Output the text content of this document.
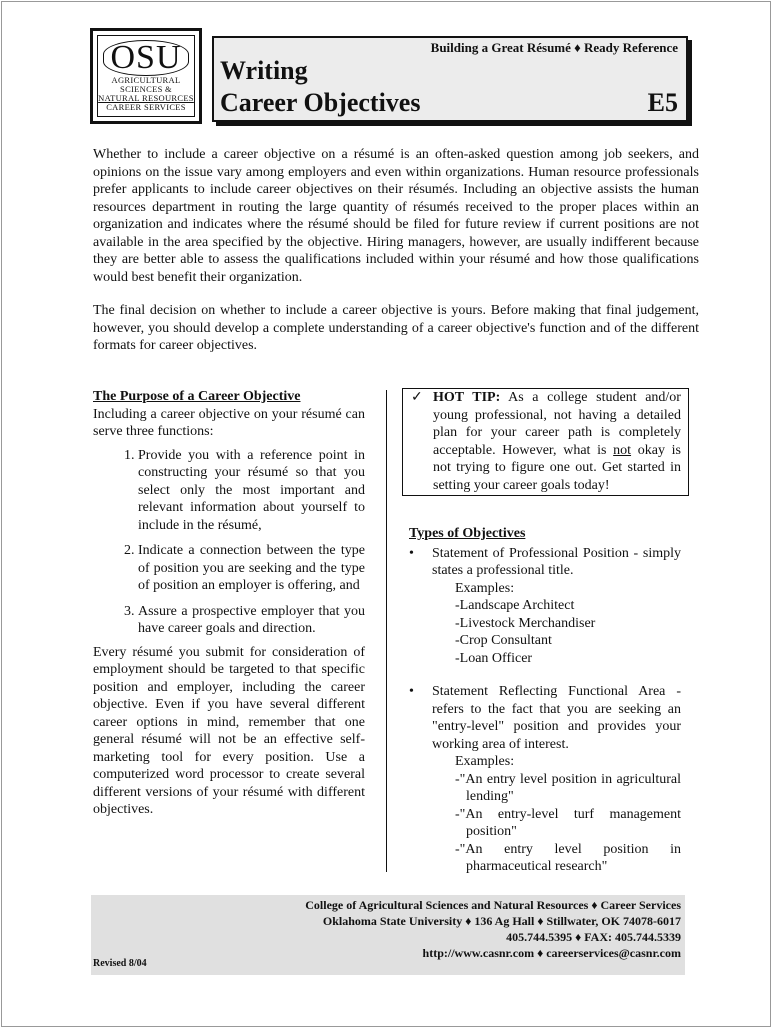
OSU
AGRICULTURAL
SCIENCES &
NATURAL RESOURCES
CAREER SERVICES
Building a Great Résumé ♦ Ready Reference
Writing
Career Objectives	E5

Whether to include a career objective on a résumé is an often-asked question among job seekers, and opinions on the issue vary among employers and even within organizations. Human resource professionals prefer applicants to include career objectives on their résumés. Including an objective assists the human resources department in routing the large quantity of résumés received to the proper places within an organization and indicates where the résumé should be filed for future review if current positions are not available in the area specified by the objective. Hiring managers, however, are usually indifferent because they are better able to assess the qualifications included within your résumé and how those qualifications would best benefit their organization.

The final decision on whether to include a career objective is yours. Before making that final judgement, however, you should develop a complete understanding of a career objective's function and of the different formats for career objectives.

The Purpose of a Career Objective

Including a career objective on your résumé can serve three functions:

1. Provide you with a reference point in constructing your résumé so that you select only the most important and relevant information about yourself to include in the résumé,
2. Indicate a connection between the type of position you are seeking and the type of position an employer is offering, and
3. Assure a prospective employer that you have career goals and direction.

Every résumé you submit for consideration of employment should be targeted to that specific position and employer, including the career objective. Even if you have several different career options in mind, remember that one general résumé will not be an effective self-marketing tool for every position. Use a computerized word processor to create several different versions of your résumé with different objectives.

✓ HOT TIP: As a college student and/or young professional, not having a detailed plan for your career path is completely acceptable. However, what is not okay is not trying to figure one out. Get started in setting your career goals today!
Types of Objectives
• Statement of Professional Position - simply states a professional title.

Examples:
-Landscape Architect
-Livestock Merchandiser
-Crop Consultant
-Loan Officer
• Statement Reflecting Functional Area - refers to the fact that you are seeking an "entry-level" position and provides your working area of interest.

Examples:
-"An entry level position in agricultural lending"
-"An entry-level turf management position"
-"An entry level position in pharmaceutical research"
College of Agricultural Sciences and Natural Resources ♦ Career Services
Oklahoma State University ♦ 136 Ag Hall ♦ Stillwater, OK 74078-6017
405.744.5395 ♦ FAX: 405.744.5339
http://www.casnr.com ♦ careerservices@casnr.com
Revised 8/04
